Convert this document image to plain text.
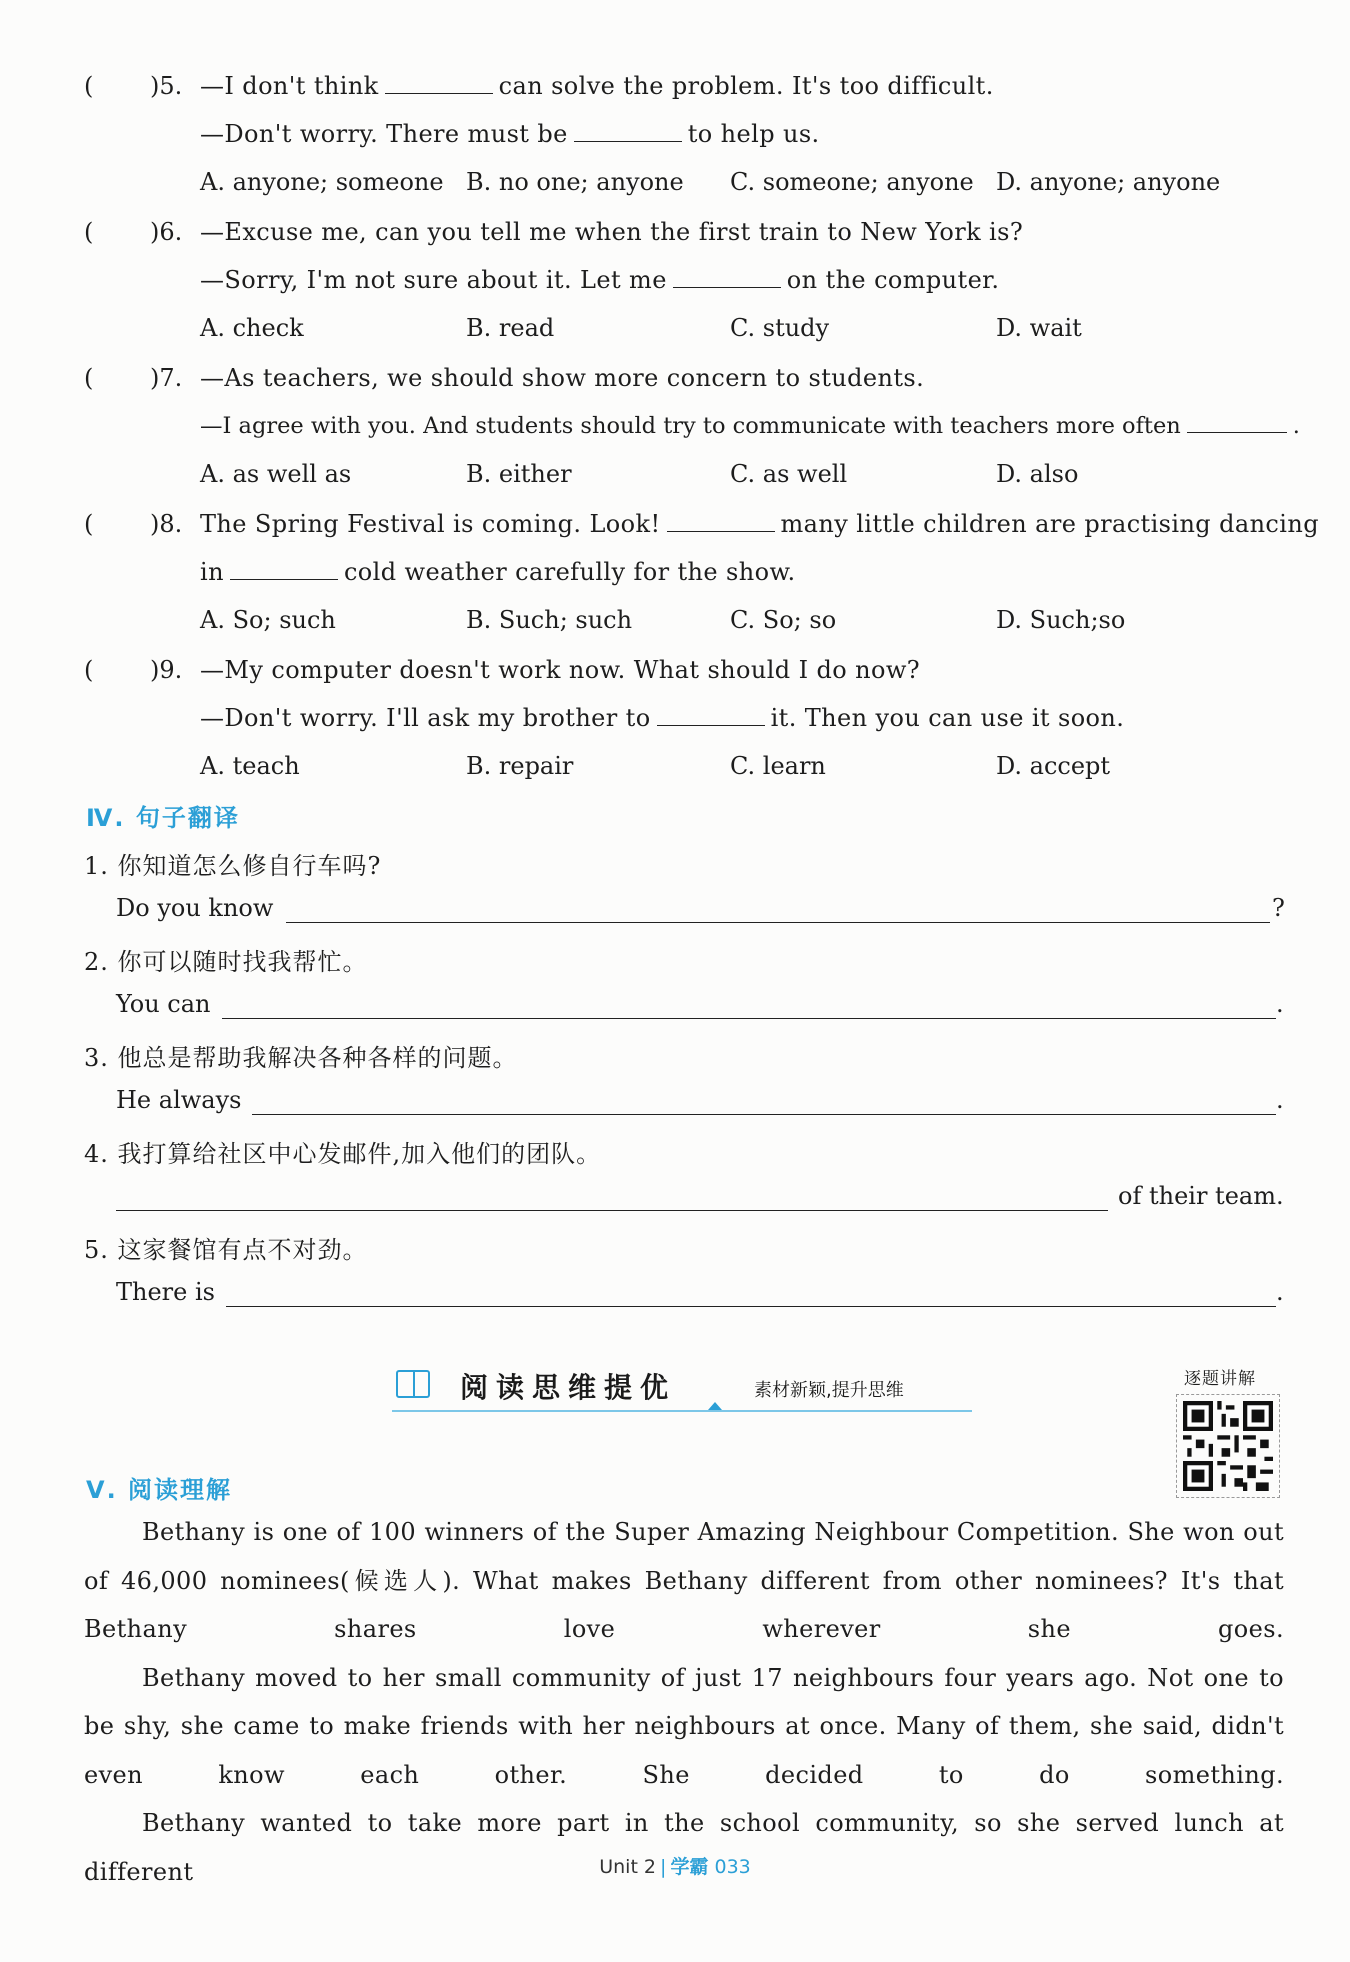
( )5. —I don't think	can solve the problem. It's too difficult.
—Don't worry. There must be	to help us.
A. anyone; someone B. no one; anyone C. someone; anyone D. anyone; anyone
( )6. —Excuse me, can you tell me when the first train to New York is?
—Sorry, I'm not sure about it. Let me	on the computer.
A. check	B. read	C. study	D. wait
( )7. —As teachers, we should show more concern to students.
—I agree with you. And students should try to communicate with teachers more often	.
A. as well as	B. either	C. as well	D. also
( )8. The Spring Festival is coming. Look!	many little children are practising dancing
in	cold weather carefully for the show.
A. So; such	B. Such; such	C. So; so	D. Such;so
( )9. —My computer doesn't work now. What should I do now?
—Don't worry. I'll ask my brother to	it. Then you can use it soon.
A. teach	B. repair	C. learn	D. accept
Ⅳ. 句子翻译
1. 你知道怎么修自行车吗?
Do you know	?
2. 你可以随时找我帮忙。
You can	.
3. 他总是帮助我解决各种各样的问题。
He always	.
4. 我打算给社区中心发邮件,加入他们的团队。
of their team.
5. 这家餐馆有点不对劲。
There is	.
阅读思维提优	素材新颖,提升思维
逐题讲解
Ⅴ. 阅读理解

Bethany is one of 100 winners of the Super Amazing Neighbour Competition. She won out of 46,000 nominees(候选人). What makes Bethany different from other nominees? It's that Bethany shares love wherever she goes.

Bethany moved to her small community of just 17 neighbours four years ago. Not one to be shy, she came to make friends with her neighbours at once. Many of them, she said, didn't even know each other. She decided to do something.

Bethany wanted to take more part in the school community, so she served lunch at different	Unit 2 | 学霸 033
